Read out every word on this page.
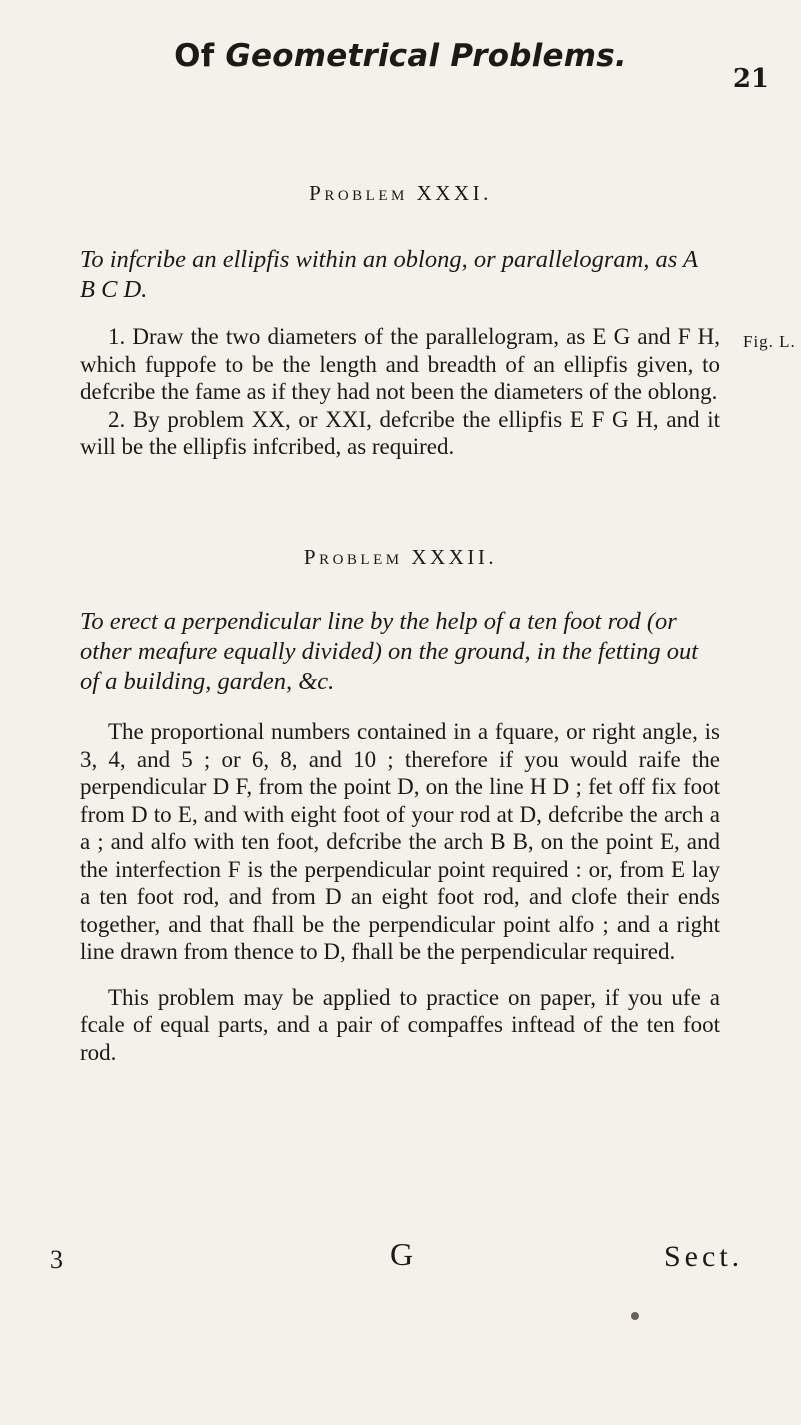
Of Geometrical Problems.
21
Problem XXXI.
To infcribe an ellipfis within an oblong, or parallelogram, as A B C D.

1. Draw the two diameters of the parallelogram, as E G and F H, which fuppofe to be the length and breadth of an ellipfis given, to defcribe the fame as if they had not been the diameters of the oblong.

2. By problem XX, or XXI, defcribe the ellipfis E F G H, and it will be the ellipfis infcribed, as required.

Fig. L.
Problem XXXII.
To erect a perpendicular line by the help of a ten foot rod (or other meafure equally divided) on the ground, in the fetting out of a building, garden, &c.

The proportional numbers contained in a fquare, or right angle, is 3, 4, and 5 ; or 6, 8, and 10 ; therefore if you would raife the perpendicular D F, from the point D, on the line H D ; fet off fix foot from D to E, and with eight foot of your rod at D, defcribe the arch a a ; and alfo with ten foot, defcribe the arch B B, on the point E, and the interfection F is the perpendicular point required : or, from E lay a ten foot rod, and from D an eight foot rod, and clofe their ends together, and that fhall be the perpendicular point alfo ; and a right line drawn from thence to D, fhall be the perpendicular required.

This problem may be applied to practice on paper, if you ufe a fcale of equal parts, and a pair of compaffes inftead of the ten foot rod.

3	G	Sect.
